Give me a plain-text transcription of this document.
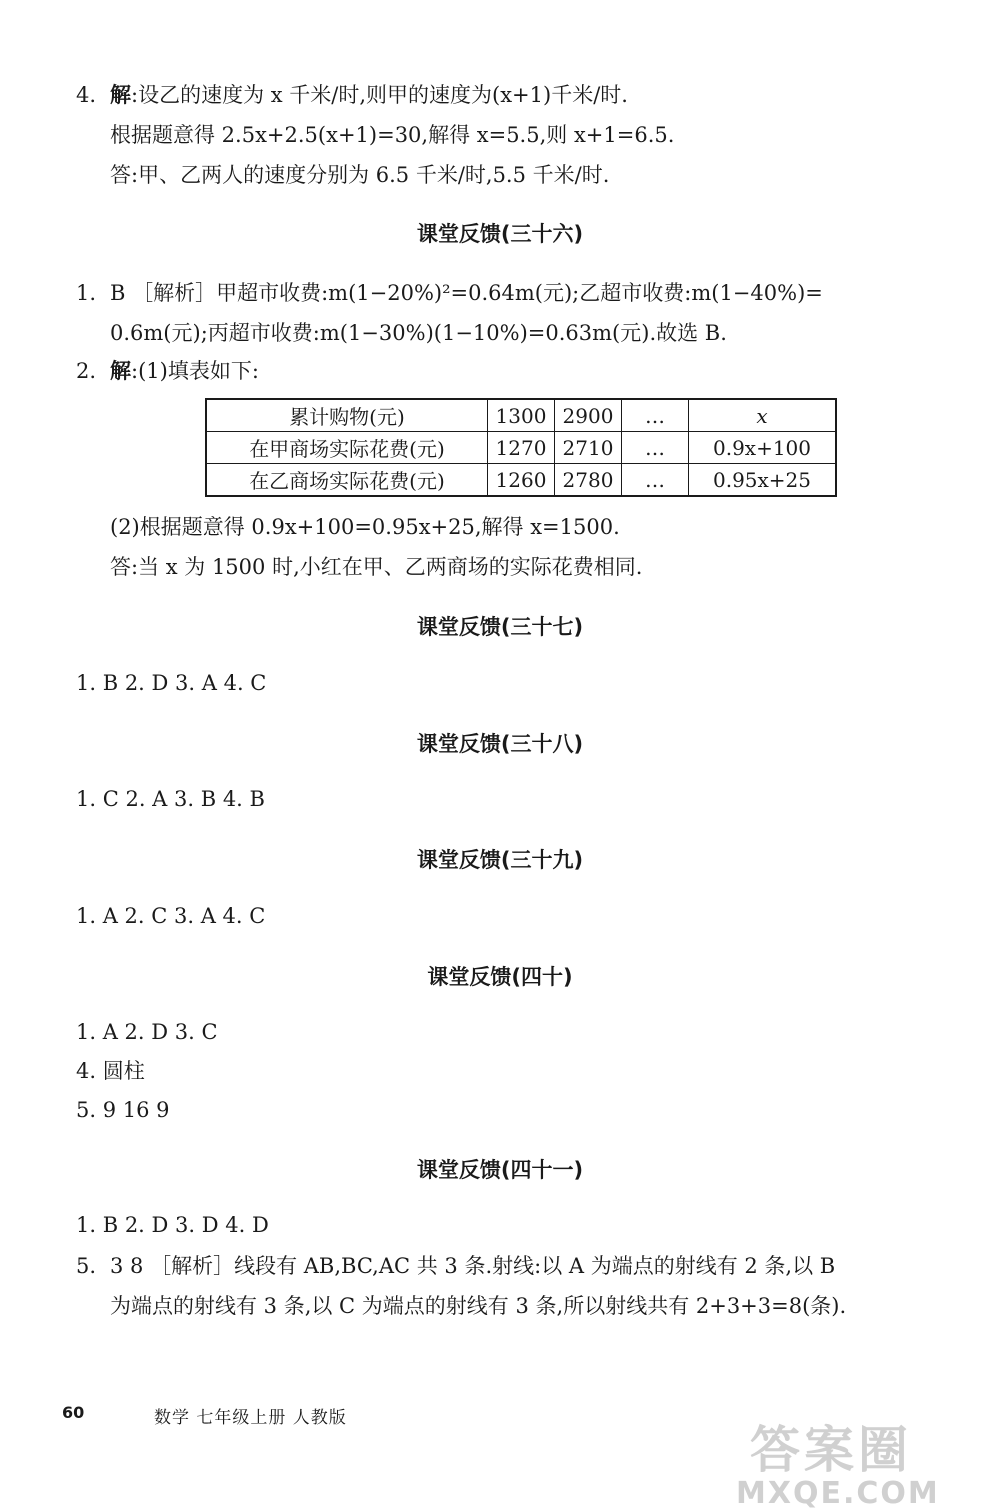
4. 解:设乙的速度为 x 千米/时,则甲的速度为(x+1)千米/时.
根据题意得 2.5x+2.5(x+1)=30,解得 x=5.5,则 x+1=6.5.
答:甲、乙两人的速度分别为 6.5 千米/时,5.5 千米/时.
课堂反馈(三十六)
1. B ［解析］甲超市收费:m(1−20%)²=0.64m(元);乙超市收费:m(1−40%)=
0.6m(元);丙超市收费:m(1−30%)(1−10%)=0.63m(元).故选 B.
2. 解:(1)填表如下:
累计购物(元)	1300	2900	…	x
在甲商场实际花费(元)	1270	2710	…	0.9x+100
在乙商场实际花费(元)	1260	2780	…	0.95x+25
(2)根据题意得 0.9x+100=0.95x+25,解得 x=1500.
答:当 x 为 1500 时,小红在甲、乙两商场的实际花费相同.
课堂反馈(三十七)
1. B 2. D 3. A 4. C
课堂反馈(三十八)
1. C 2. A 3. B 4. B
课堂反馈(三十九)
1. A 2. C 3. A 4. C
课堂反馈(四十)
1. A 2. D 3. C
4. 圆柱
5. 9 16 9
课堂反馈(四十一)
1. B 2. D 3. D 4. D
5. 3 8 ［解析］线段有 AB,BC,AC 共 3 条.射线:以 A 为端点的射线有 2 条,以 B
为端点的射线有 3 条,以 C 为端点的射线有 3 条,所以射线共有 2+3+3=8(条).
60	数学 七年级上册 人教版
答案圈
MXQE.COM
